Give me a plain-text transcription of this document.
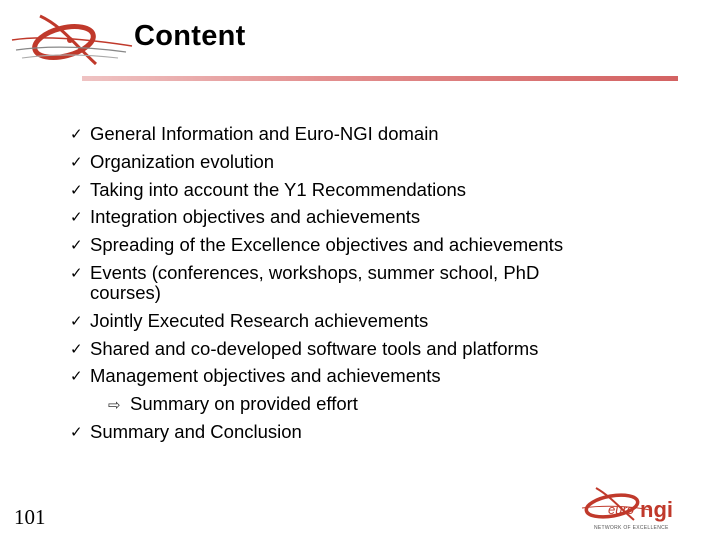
Content
✓ General Information and Euro-NGI domain
✓ Organization evolution
✓ Taking into account the Y1 Recommendations
✓ Integration objectives and achievements
✓ Spreading of the Excellence objectives and achievements
✓ Events (conferences, workshops, summer school, PhD
courses)
✓ Jointly Executed Research achievements
✓ Shared and co-developed software tools and platforms
✓ Management objectives and achievements
⇨ Summary on provided effort
✓ Summary and Conclusion
101	euro ngi
NETWORK OF EXCELLENCE
